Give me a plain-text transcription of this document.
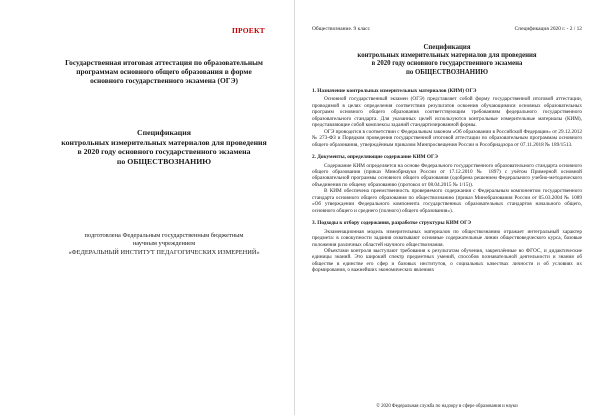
ПРОЕКТ
Государственная итоговая аттестация по образовательным
программам основного общего образования в форме
основного государственного экзамена (ОГЭ)
Спецификация
контрольных измерительных материалов для проведения
в 2020 году основного государственного экзамена
по ОБЩЕСТВОЗНАНИЮ
подготовлена Федеральным государственным бюджетным
научным учреждением
«ФЕДЕРАЛЬНЫЙ ИНСТИТУТ ПЕДАГОГИЧЕСКИХ ИЗМЕРЕНИЙ»
Обществознание. 9 класс	Спецификация 2020 г. - 2 / 12
Спецификация
контрольных измерительных материалов для проведения
в 2020 году основного государственного экзамена
по ОБЩЕСТВОЗНАНИЮ
1. Назначение контрольных измерительных материалов (КИМ) ОГЭ

Основной государственный экзамен (ОГЭ) представляет собой форму государственной итоговой аттестации, проводимой в целях определения соответствия результатов освоения обучающимися основных образовательных программ основного общего образования соответствующим требованиям федерального государственного образовательного стандарта. Для указанных целей используются контрольные измерительные материалы (КИМ), представляющие собой комплексы заданий стандартизированной формы.

ОГЭ проводится в соответствии с Федеральным законом «Об образовании в Российской Федерации» от 29.12.2012 № 273-ФЗ и Порядком проведения государственной итоговой аттестации по образовательным программам основного общего образования, утверждённым приказом Минпросвещения России и Рособрнадзора от 07.11.2018 № 189/1513.

2. Документы, определяющие содержание КИМ ОГЭ

Содержание КИМ определяется на основе Федерального государственного образовательного стандарта основного общего образования (приказ Минобрнауки России от 17.12.2010 № 1897) с учётом Примерной основной образовательной программы основного общего образования (одобрена решением Федерального учебно-методического объединения по общему образованию (протокол от 08.04.2015 № 1/15)).

В КИМ обеспечена преемственность проверяемого содержания с Федеральным компонентом государственного стандарта основного общего образования по обществознанию (приказ Минобразования России от 05.03.2004 № 1089 «Об утверждении Федерального компонента государственных образовательных стандартов начального общего, основного общего и среднего (полного) общего образования»).

3. Подходы к отбору содержания, разработке структуры КИМ ОГЭ

Экзаменационная модель измерительных материалов по обществознанию отражает интегральный характер предмета: в совокупности задания охватывают основные содержательные линии обществоведческого курса, базовые положения различных областей научного обществознания.

Объектами контроля выступают требования к результатам обучения, закреплённые во ФГОС, и дидактические единицы знаний. Это широкий спектр предметных умений, способов познавательной деятельности и знания об обществе в единстве его сфер и базовых институтов, о социальных качествах личности и об условиях их формирования, о важнейших экономических явлениях

© 2020 Федеральная служба по надзору в сфере образования и науки
